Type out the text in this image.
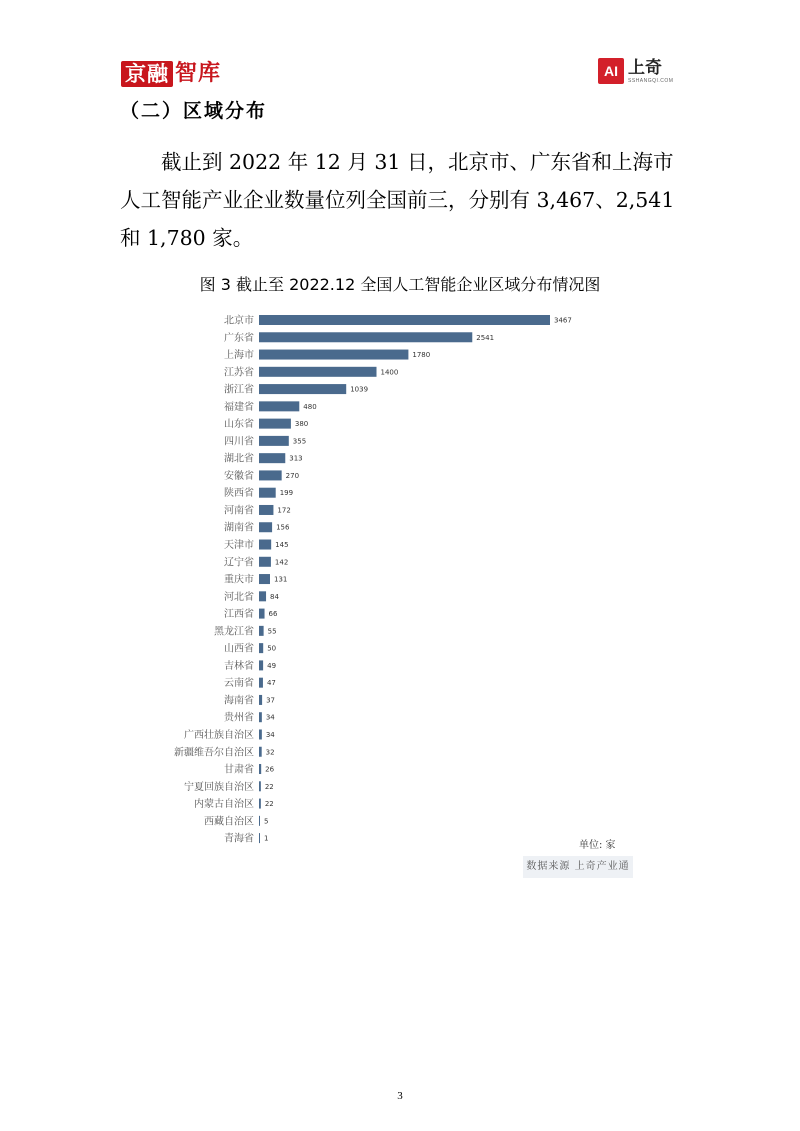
京融 智库	AI 上奇
SSHANGQI.COM
（二）区域分布
截止到 2022 年 12 月 31 日，北京市、广东省和上海市人工智能产业企业数量位列全国前三，分别有 3,467、2,541 和 1,780 家。
图 3 截止至 2022.12 全国人工智能企业区域分布情况图
北京市	3467
广东省	2541
上海市	1780
江苏省	1400
浙江省	1039
福建省	480
山东省	380
四川省	355
湖北省	313
安徽省	270
陕西省	199
河南省	172
湖南省	156
天津市	145
辽宁省	142
重庆市	131
河北省 84
江西省 66
黑龙江省 55
山西省 50
吉林省 49
云南省 47
海南省 37
贵州省 34
广西壮族自治区 34
新疆维吾尔自治区 32
甘肃省 26
宁夏回族自治区 22
内蒙古自治区 22
西藏自治区 5
青海省 1
单位: 家
数据来源 上奇产业通
3
